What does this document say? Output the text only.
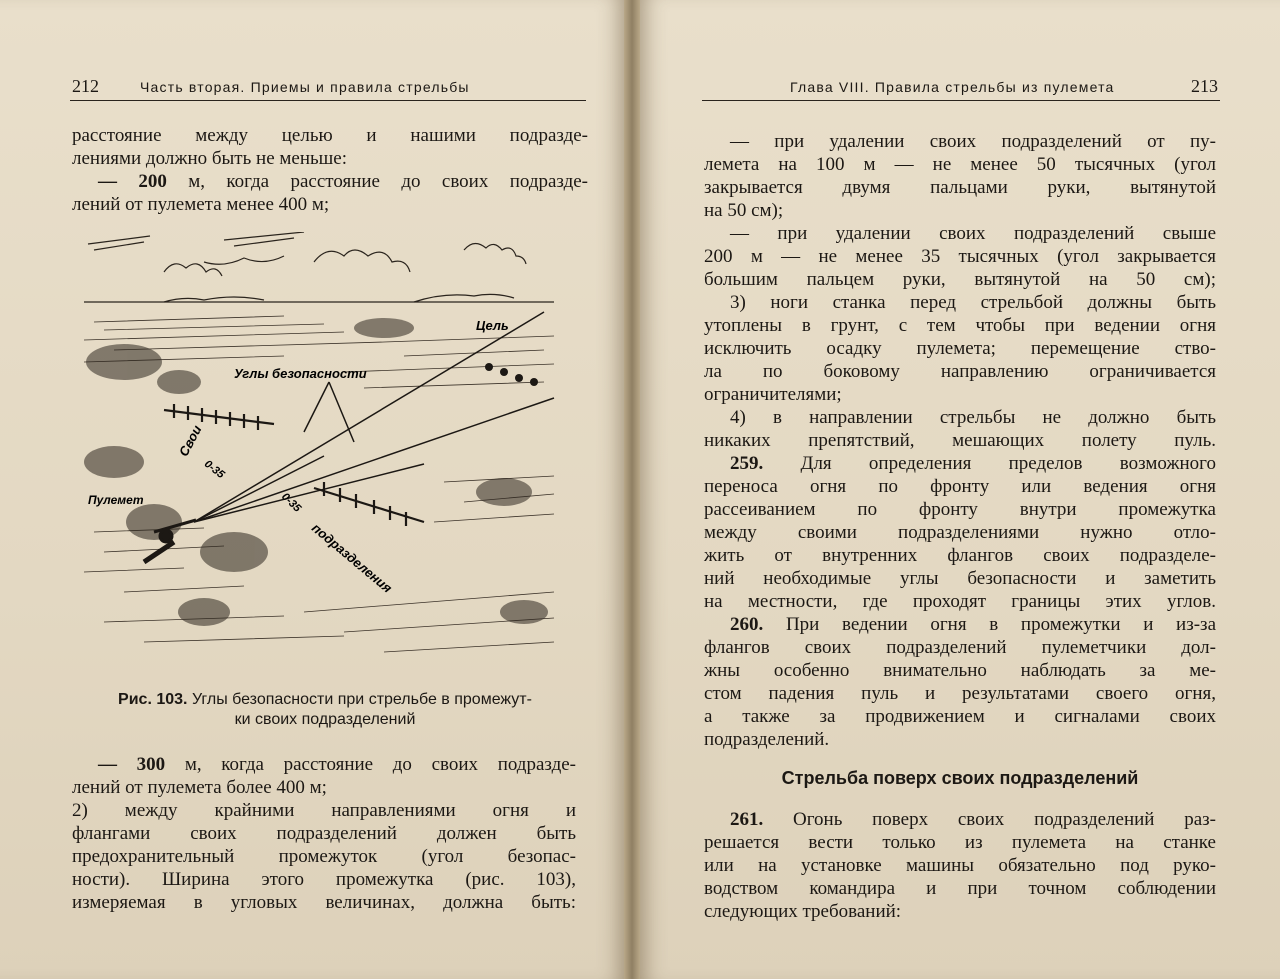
212	Часть вторая. Приемы и правила стрельбы
расстояние между целью и нашими подразде-
лениями должно быть не меньше:
— 200 м, когда расстояние до своих подразде-
лений от пулемета менее 400 м;
Цель
Углы безопасности
Свои
0-35
0-35
подразделения
Пулемет
Рис. 103. Углы безопасности при стрельбе в промежут-
ки своих подразделений
— 300 м, когда расстояние до своих подразде-
лений от пулемета более 400 м;
2) между крайними направлениями огня и
флангами своих подразделений должен быть
предохранительный промежуток (угол безопас-
ности). Ширина этого промежутка (рис. 103),
измеряемая в угловых величинах, должна быть:
Глава VIII. Правила стрельбы из пулемета	213
— при удалении своих подразделений от пу-
лемета на 100 м — не менее 50 тысячных (угол
закрывается двумя пальцами руки, вытянутой
на 50 см);
— при удалении своих подразделений свыше
200 м — не менее 35 тысячных (угол закрывается
большим пальцем руки, вытянутой на 50 см);
3) ноги станка перед стрельбой должны быть
утоплены в грунт, с тем чтобы при ведении огня
исключить осадку пулемета; перемещение ство-
ла по боковому направлению ограничивается
ограничителями;
4) в направлении стрельбы не должно быть
никаких препятствий, мешающих полету пуль.
259. Для определения пределов возможного
переноса огня по фронту или ведения огня
рассеиванием по фронту внутри промежутка
между своими подразделениями нужно отло-
жить от внутренних флангов своих подразделе-
ний необходимые углы безопасности и заметить
на местности, где проходят границы этих углов.
260. При ведении огня в промежутки и из-за
флангов своих подразделений пулеметчики дол-
жны особенно внимательно наблюдать за ме-
стом падения пуль и результатами своего огня,
а также за продвижением и сигналами своих
подразделений.
Стрельба поверх своих подразделений
261. Огонь поверх своих подразделений раз-
решается вести только из пулемета на станке
или на установке машины обязательно под руко-
водством командира и при точном соблюдении
следующих требований:
